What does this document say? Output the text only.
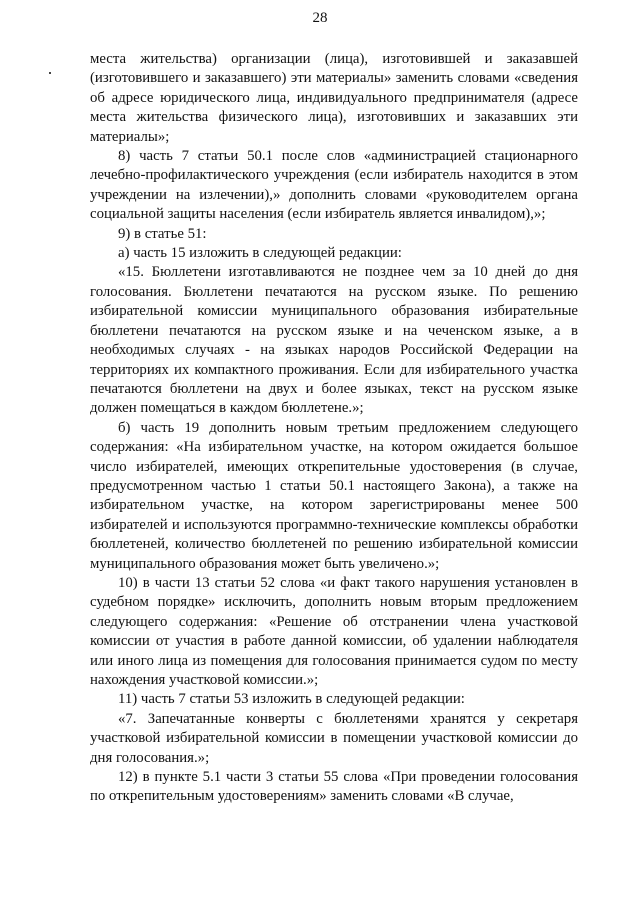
28

места жительства) организации (лица), изготовившей и заказавшей (изготовившего и заказавшего) эти материалы» заменить словами «сведения об адресе юридического лица, индивидуального предпринимателя (адресе места жительства физического лица), изготовивших и заказавших эти материалы»;

8) часть 7 статьи 50.1 после слов «администрацией стационарного лечебно-профилактического учреждения (если избиратель находится в этом учреждении на излечении),» дополнить словами «руководителем органа социальной защиты населения (если избиратель является инвалидом),»;

9) в статье 51:

а) часть 15 изложить в следующей редакции:

«15. Бюллетени изготавливаются не позднее чем за 10 дней до дня голосования. Бюллетени печатаются на русском языке. По решению избирательной комиссии муниципального образования избирательные бюллетени печатаются на русском языке и на чеченском языке, а в необходимых случаях - на языках народов Российской Федерации на территориях их компактного проживания. Если для избирательного участка печатаются бюллетени на двух и более языках, текст на русском языке должен помещаться в каждом бюллетене.»;

б) часть 19 дополнить новым третьим предложением следующего содержания: «На избирательном участке, на котором ожидается большое число избирателей, имеющих открепительные удостоверения (в случае, предусмотренном частью 1 статьи 50.1 настоящего Закона), а также на избирательном участке, на котором зарегистрированы менее 500 избирателей и используются программно-технические комплексы обработки бюллетеней, количество бюллетеней по решению избирательной комиссии муниципального образования может быть увеличено.»;

10) в части 13 статьи 52 слова «и факт такого нарушения установлен в судебном порядке» исключить, дополнить новым вторым предложением следующего содержания: «Решение об отстранении члена участковой комиссии от участия в работе данной комиссии, об удалении наблюдателя или иного лица из помещения для голосования принимается судом по месту нахождения участковой комиссии.»;

11) часть 7 статьи 53 изложить в следующей редакции:

«7. Запечатанные конверты с бюллетенями хранятся у секретаря участковой избирательной комиссии в помещении участковой комиссии до дня голосования.»;

12) в пункте 5.1 части 3 статьи 55 слова «При проведении голосования по открепительным удостоверениям» заменить словами «В случае,
